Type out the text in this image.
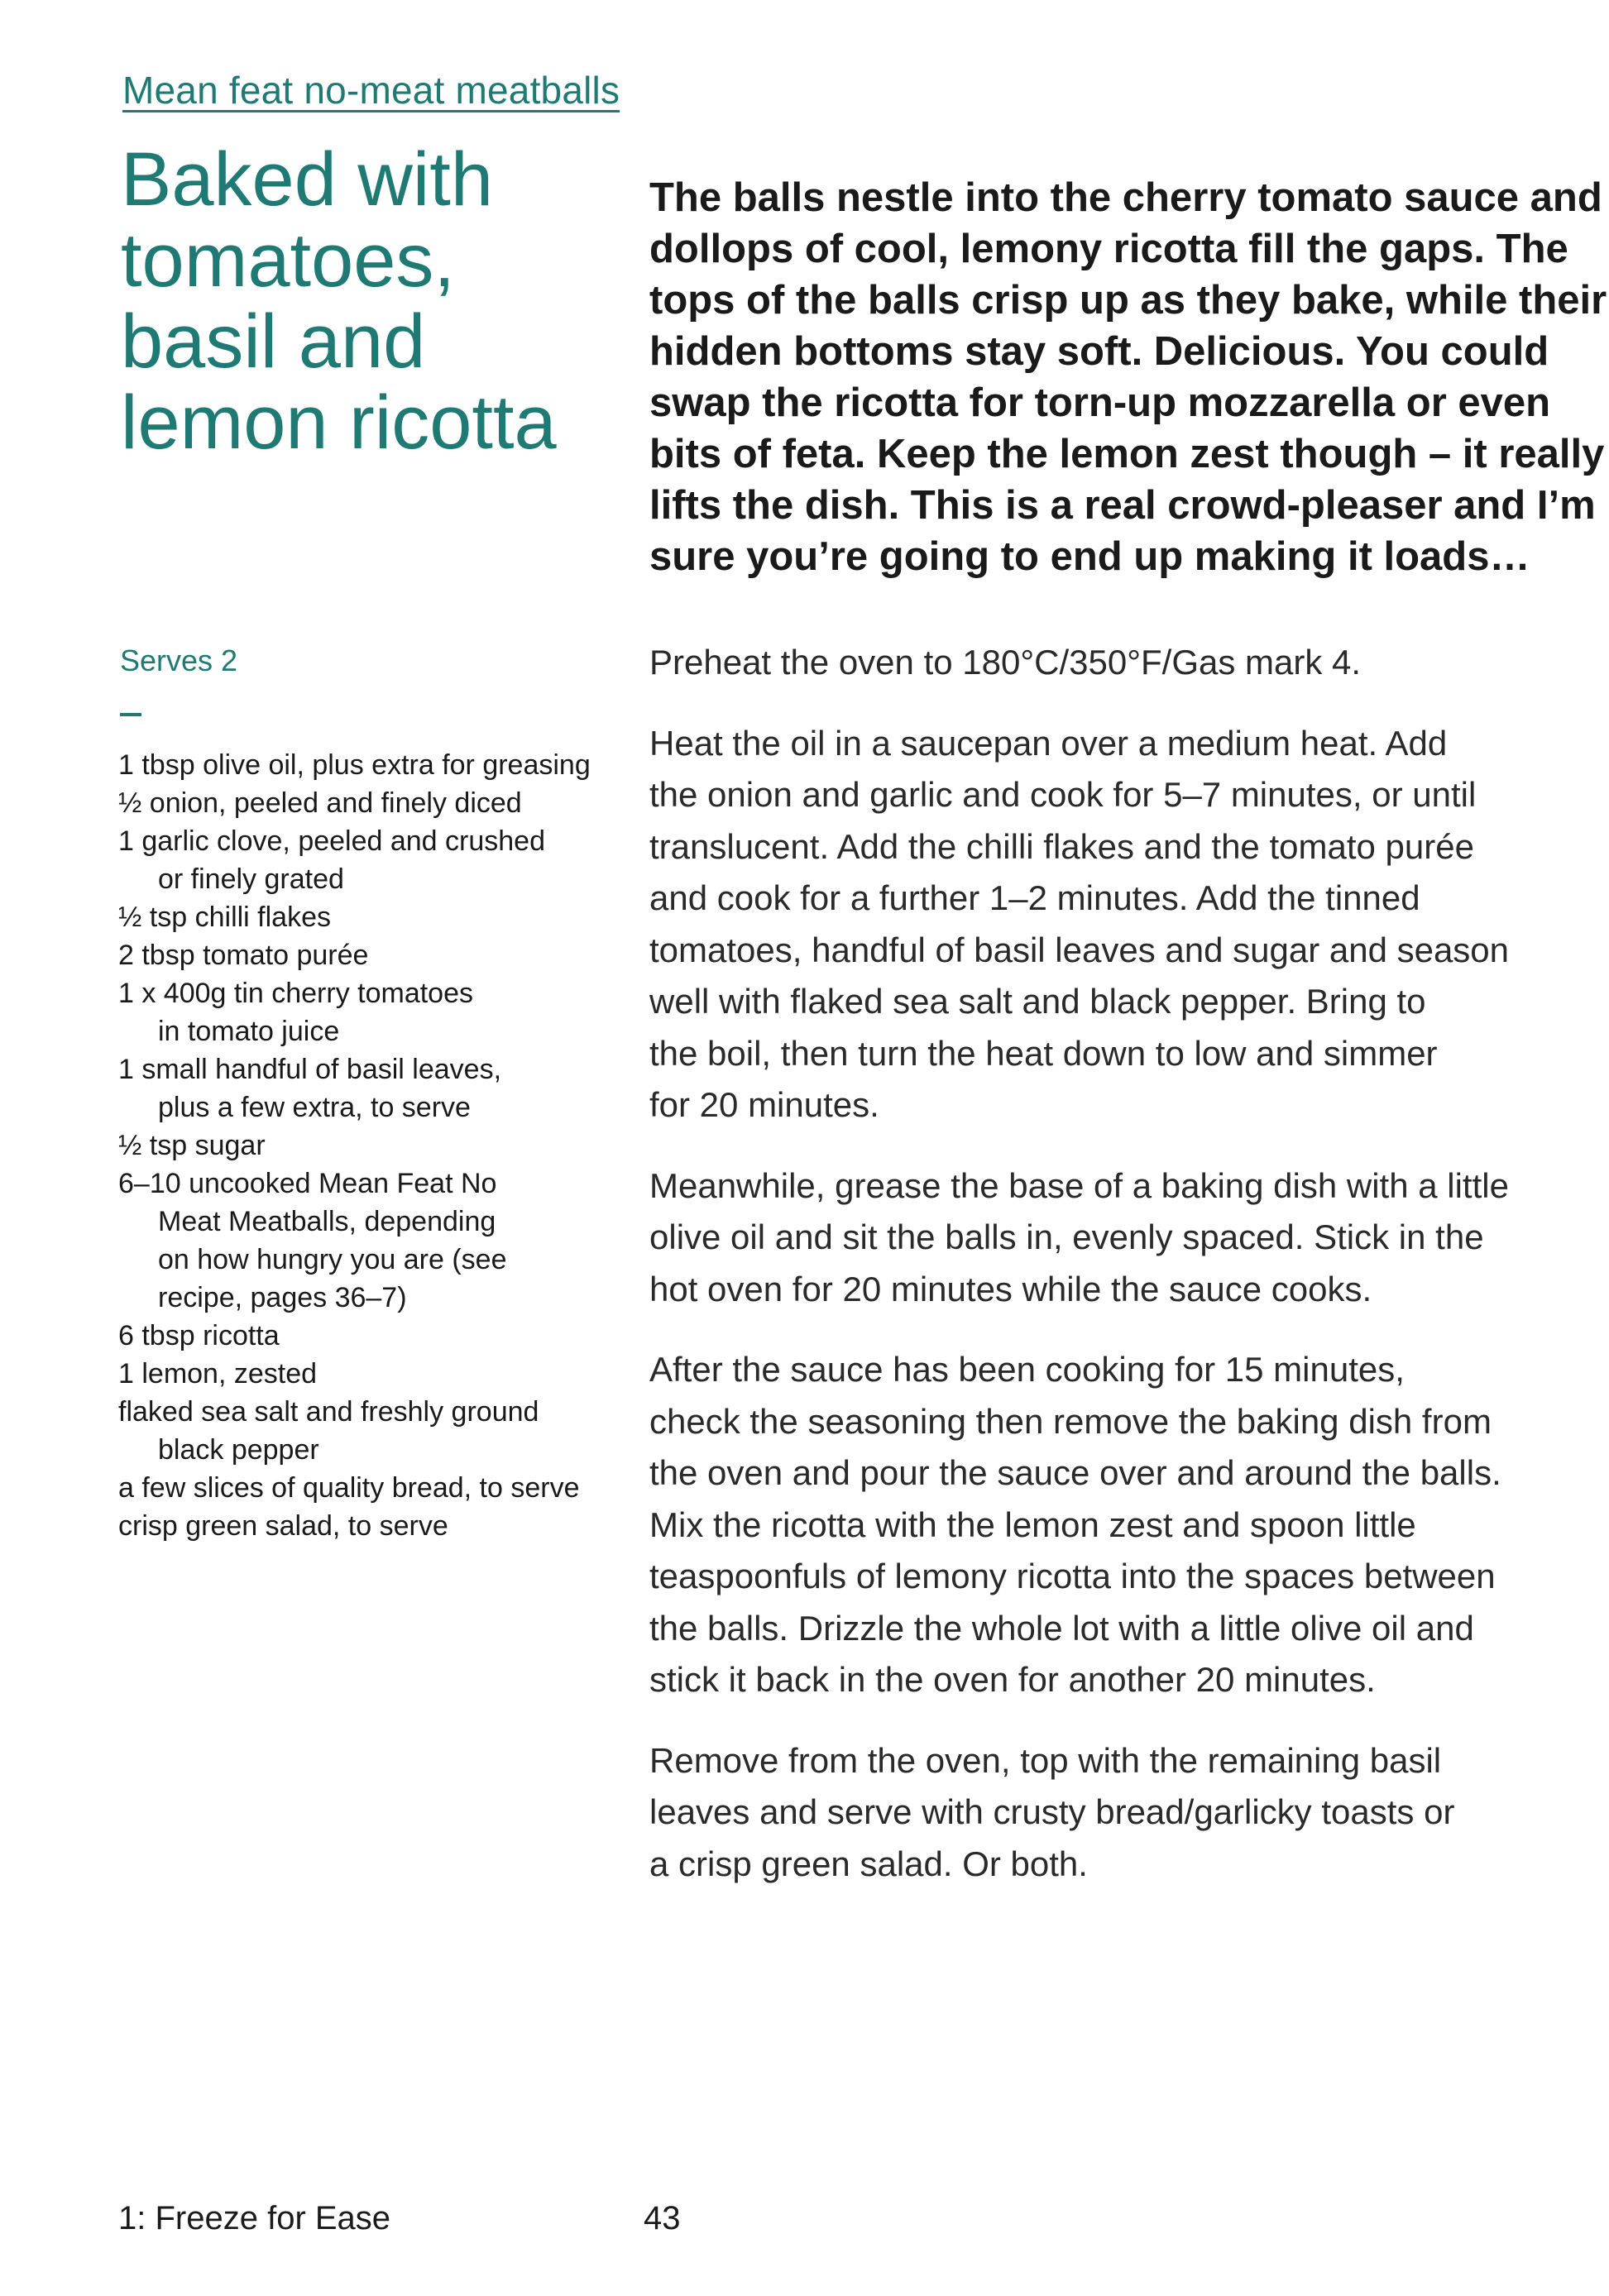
Mean feat no-meat meatballs
Baked with
tomatoes,
basil and
lemon ricotta
The balls nestle into the cherry tomato sauce and
dollops of cool, lemony ricotta fill the gaps. The
tops of the balls crisp up as they bake, while their
hidden bottoms stay soft. Delicious. You could
swap the ricotta for torn-up mozzarella or even
bits of feta. Keep the lemon zest though – it really
lifts the dish. This is a real crowd-pleaser and I’m
sure you’re going to end up making it loads…
Serves 2
1 tbsp olive oil, plus extra for greasing
½ onion, peeled and finely diced
1 garlic clove, peeled and crushed
or finely grated
½ tsp chilli flakes
2 tbsp tomato purée
1 x 400g tin cherry tomatoes
in tomato juice
1 small handful of basil leaves,
plus a few extra, to serve
½ tsp sugar
6–10 uncooked Mean Feat No
Meat Meatballs, depending
on how hungry you are (see
recipe, pages 36–7)
6 tbsp ricotta
1 lemon, zested
flaked sea salt and freshly ground
black pepper
a few slices of quality bread, to serve
crisp green salad, to serve
Preheat the oven to 180°C/350°F/Gas mark 4.
Heat the oil in a saucepan over a medium heat. Add
the onion and garlic and cook for 5–7 minutes, or until
translucent. Add the chilli flakes and the tomato purée
and cook for a further 1–2 minutes. Add the tinned
tomatoes, handful of basil leaves and sugar and season
well with flaked sea salt and black pepper. Bring to
the boil, then turn the heat down to low and simmer
for 20 minutes.
Meanwhile, grease the base of a baking dish with a little
olive oil and sit the balls in, evenly spaced. Stick in the
hot oven for 20 minutes while the sauce cooks.
After the sauce has been cooking for 15 minutes,
check the seasoning then remove the baking dish from
the oven and pour the sauce over and around the balls.
Mix the ricotta with the lemon zest and spoon little
teaspoonfuls of lemony ricotta into the spaces between
the balls. Drizzle the whole lot with a little olive oil and
stick it back in the oven for another 20 minutes.
Remove from the oven, top with the remaining basil
leaves and serve with crusty bread/garlicky toasts or
a crisp green salad. Or both.
1: Freeze for Ease	43
